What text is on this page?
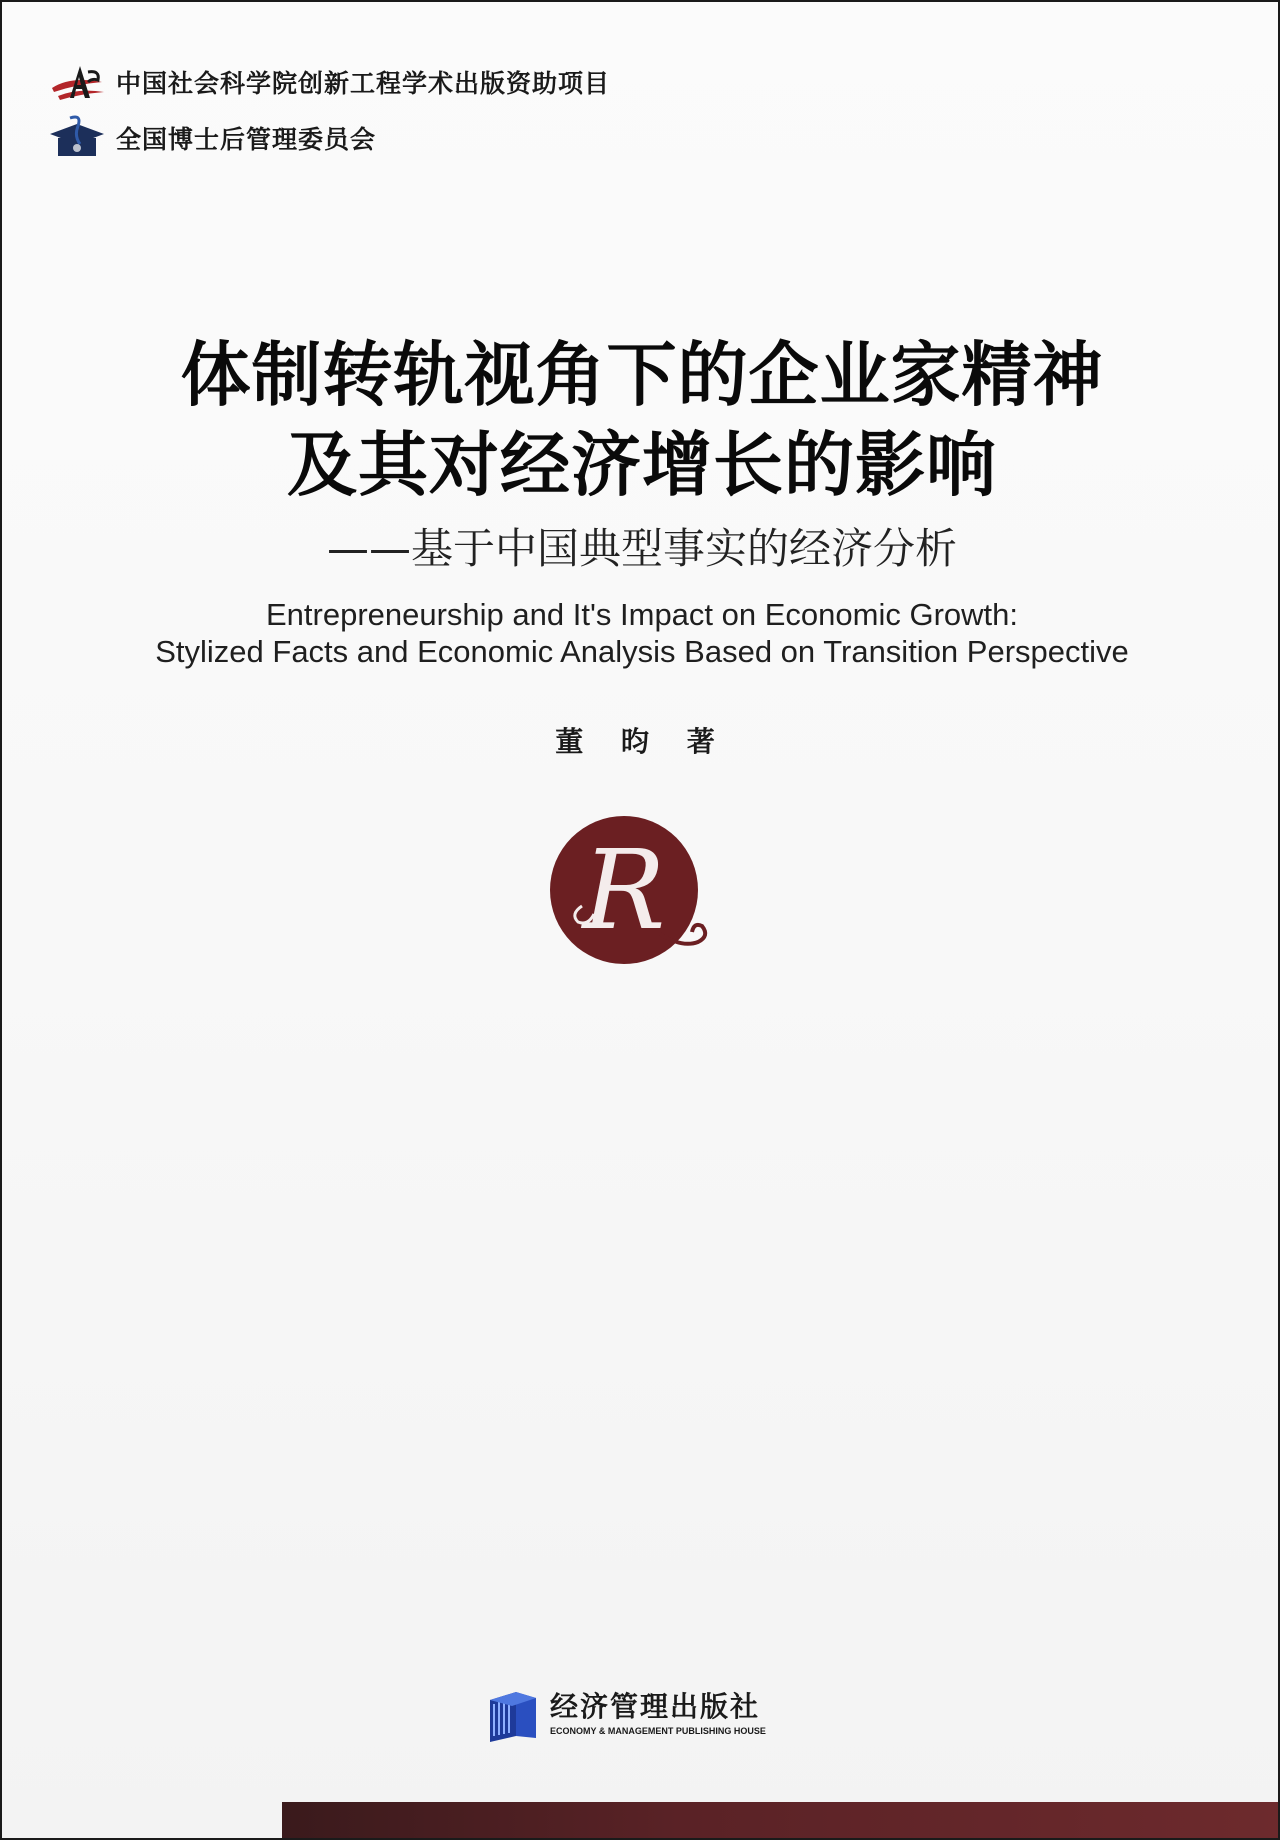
中国社会科学院创新工程学术出版资助项目
全国博士后管理委员会
体制转轨视角下的企业家精神
及其对经济增长的影响
——基于中国典型事实的经济分析
Entrepreneurship and It's Impact on Economic Growth:
Stylized Facts and Economic Analysis Based on Transition Perspective
董 昀 著
R
经济管理出版社
ECONOMY & MANAGEMENT PUBLISHING HOUSE
